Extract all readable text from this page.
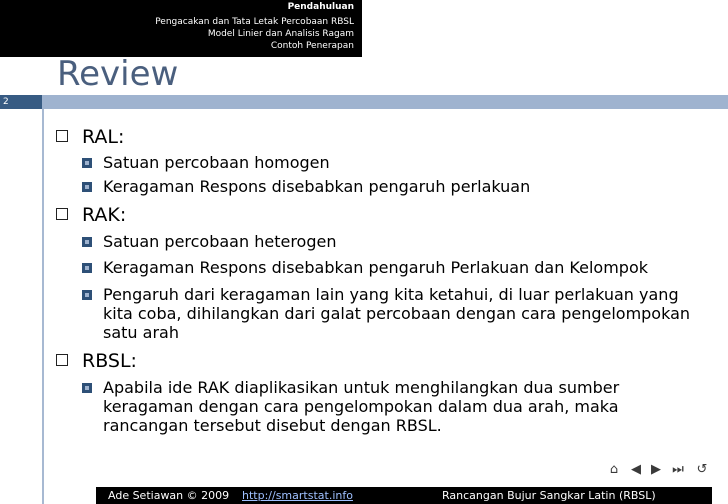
Pendahuluan
Pengacakan dan Tata Letak Percobaan RBSL
Model Linier dan Analisis Ragam
Contoh Penerapan
Review
2
RAL:
Satuan percobaan homogen
Keragaman Respons disebabkan pengaruh perlakuan
RAK:
Satuan percobaan heterogen
Keragaman Respons disebabkan pengaruh Perlakuan dan Kelompok
Pengaruh dari keragaman lain yang kita ketahui, di luar perlakuan yang kita coba, dihilangkan dari galat percobaan dengan cara pengelompokan satu arah
RBSL:
Apabila ide RAK diaplikasikan untuk menghilangkan dua sumber keragaman dengan cara pengelompokan dalam dua arah, maka rancangan tersebut disebut dengan RBSL.
⌂ ◀ ▶ ⏭ ↺
Ade Setiawan © 2009 http://smartstat.info	Rancangan Bujur Sangkar Latin (RBSL)
